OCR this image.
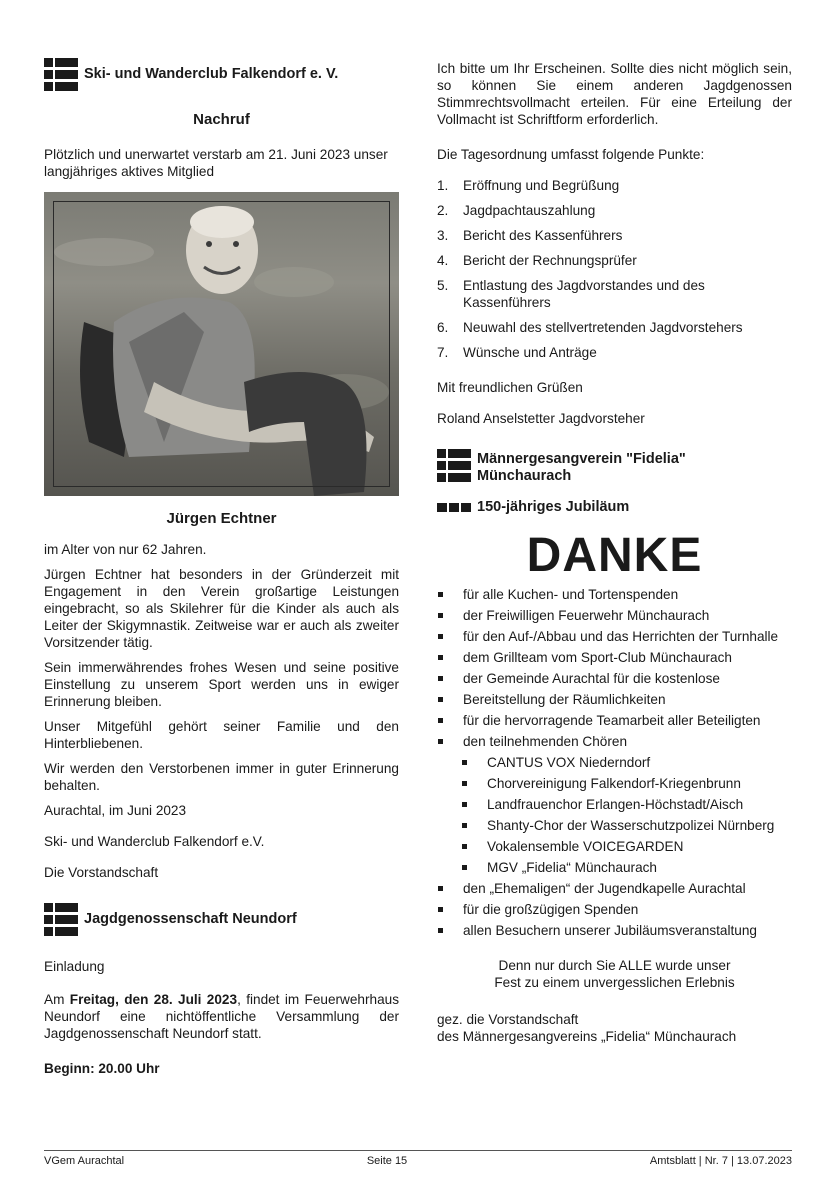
Ski- und Wanderclub Falkendorf e. V.

Nachruf

Plötzlich und unerwartet verstarb am 21. Juni 2023 unser langjähriges aktives Mitglied

Jürgen Echtner

im Alter von nur 62 Jahren.

Jürgen Echtner hat besonders in der Gründerzeit mit Engagement in den Verein großartige Leistungen eingebracht, so als Skilehrer für die Kinder als auch als Leiter der Skigymnastik. Zeitweise war er auch als zweiter Vorsitzender tätig.

Sein immerwährendes frohes Wesen und seine positive Einstellung zu unserem Sport werden uns in ewiger Erinnerung bleiben.

Unser Mitgefühl gehört seiner Familie und den Hinterbliebenen.

Wir werden den Verstorbenen immer in guter Erinnerung behalten.

Aurachtal, im Juni 2023

Ski- und Wanderclub Falkendorf e.V.

Die Vorstandschaft

Jagdgenossenschaft Neundorf

Einladung

Am Freitag, den 28. Juli 2023, findet im Feuerwehrhaus Neundorf eine nichtöffentliche Versammlung der Jagdgenossenschaft Neundorf statt.

Beginn: 20.00 Uhr

Ich bitte um Ihr Erscheinen. Sollte dies nicht möglich sein, so können Sie einem anderen Jagdgenossen Stimmrechtsvollmacht erteilen. Für eine Erteilung der Vollmacht ist Schriftform erforderlich.

Die Tagesordnung umfasst folgende Punkte:

1.	Eröffnung und Begrüßung
2.	Jagdpachtauszahlung
3.	Bericht des Kassenführers
4.	Bericht der Rechnungsprüfer
5.	Entlastung des Jagdvorstandes und des Kassenführers
6.	Neuwahl des stellvertretenden Jagdvorstehers
7.	Wünsche und Anträge

Mit freundlichen Grüßen

Roland Anselstetter Jagdvorsteher

Männergesangverein "Fidelia"
Münchaurach
150-jähriges Jubiläum

DANKE

für alle Kuchen- und Tortenspenden
der Freiwilligen Feuerwehr Münchaurach
für den Auf-/Abbau und das Herrichten der Turnhalle
dem Grillteam vom Sport-Club Münchaurach
der Gemeinde Aurachtal für die kostenlose
Bereitstellung der Räumlichkeiten
für die hervorragende Teamarbeit aller Beteiligten
den teilnehmenden Chören
CANTUS VOX Niederndorf
Chorvereinigung Falkendorf-Kriegenbrunn
Landfrauenchor Erlangen-Höchstadt/Aisch
Shanty-Chor der Wasserschutzpolizei Nürnberg
Vokalensemble VOICEGARDEN
MGV „Fidelia“ Münchaurach
den „Ehemaligen“ der Jugendkapelle Aurachtal
für die großzügigen Spenden
allen Besuchern unserer Jubiläumsveranstaltung

Denn nur durch Sie ALLE wurde unser

Fest zu einem unvergesslichen Erlebnis

gez. die Vorstandschaft

des Männergesangvereins „Fidelia“ Münchaurach

VGem Aurachtal	Seite 15	Amtsblatt | Nr. 7 | 13.07.2023
